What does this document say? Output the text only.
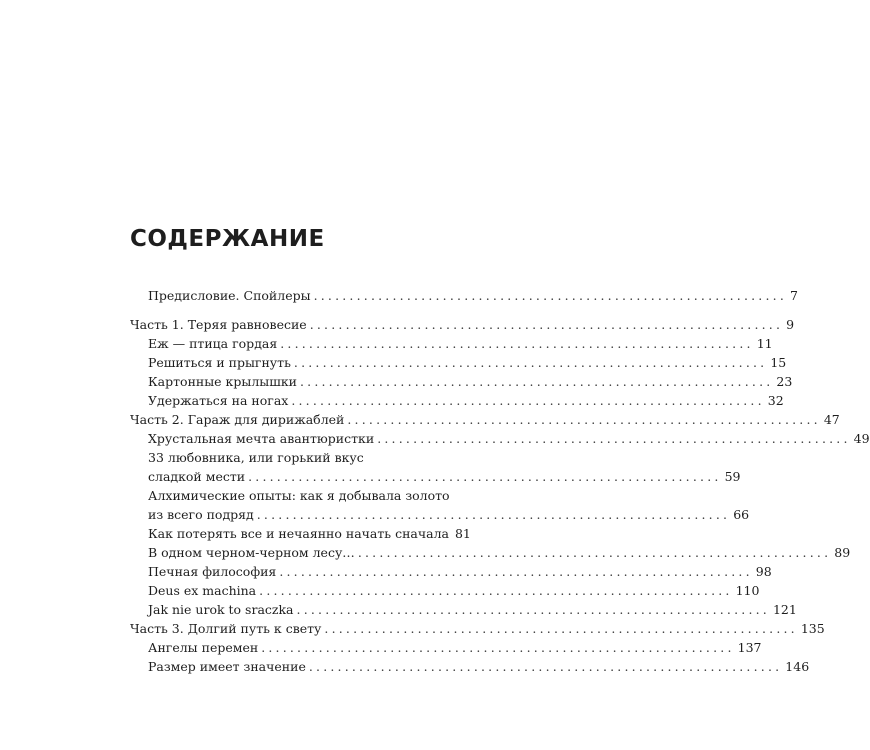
СОДЕРЖАНИЕ
Предисловие. Спойлеры .................................................................. 7
Часть 1. Теряя равновесие .................................................................. 9
Еж — птица гордая .................................................................. 11
Решиться и прыгнуть .................................................................. 15
Картонные крылышки .................................................................. 23
Удержаться на ногах .................................................................. 32
Часть 2. Гараж для дирижаблей .................................................................. 47
Хрустальная мечта авантюристки .................................................................. 49
33 любовника, или горький вкус
сладкой мести .................................................................. 59
Алхимические опыты: как я добывала золото
из всего подряд .................................................................. 66
Как потерять все и нечаянно начать сначала 81
В одном черном-черном лесу… .................................................................. 89
Печная философия .................................................................. 98
Deus ex machina .................................................................. 110
Jak nie urok to sraczka .................................................................. 121
Часть 3. Долгий путь к свету .................................................................. 135
Ангелы перемен .................................................................. 137
Размер имеет значение .................................................................. 146
